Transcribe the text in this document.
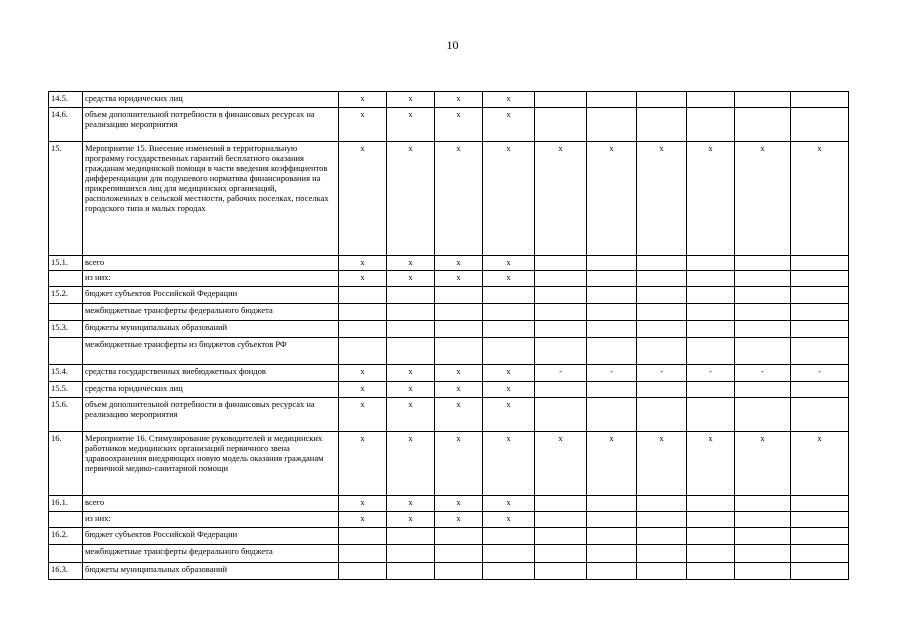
10
14.5.	средства юридических лиц	х	х	х	х						
14.6.	объем дополнительной потребности в финансовых ресурсах на реализацию мероприятия	х	х	х	х						
15.	Мероприятие 15. Внесение изменений в территориальную программу государственных гарантий бесплатного оказания гражданам медицинской помощи в части введения коэффициентов дифференциации для подушевого норматива финансирования на прикрепившихся лиц для медицинских организаций, расположенных в сельской местности, рабочих поселках, поселках городского типа и малых городах	х	х	х	х	х	х	х	х	х	х
15.1.	всего	х	х	х	х						
	из них:	х	х	х	х						
15.2.	бюджет субъектов Российской Федерации										
	межбюджетные трансферты федерального бюджета										
15.3.	бюджеты муниципальных образований										
	межбюджетные трансферты из бюджетов субъектов РФ										
15.4.	средства государственных внебюджетных фондов	х	х	х	х	-	-	-	-	-	-
15.5.	средства юридических лиц	х	х	х	х						
15.6.	объем дополнительной потребности в финансовых ресурсах на реализацию мероприятия	х	х	х	х						
16.	Мероприятие 16. Стимулирование руководителей и медицинских работников медицинских организаций первичного звена здравоохранения внедряющих новую модель оказания гражданам первичной медико-санитарной помощи	х	х	х	х	х	х	х	х	х	х
16.1.	всего	х	х	х	х						
	из них:	х	х	х	х						
16.2.	бюджет субъектов Российской Федерации										
	межбюджетные трансферты федерального бюджета										
16.3.	бюджеты муниципальных образований										
